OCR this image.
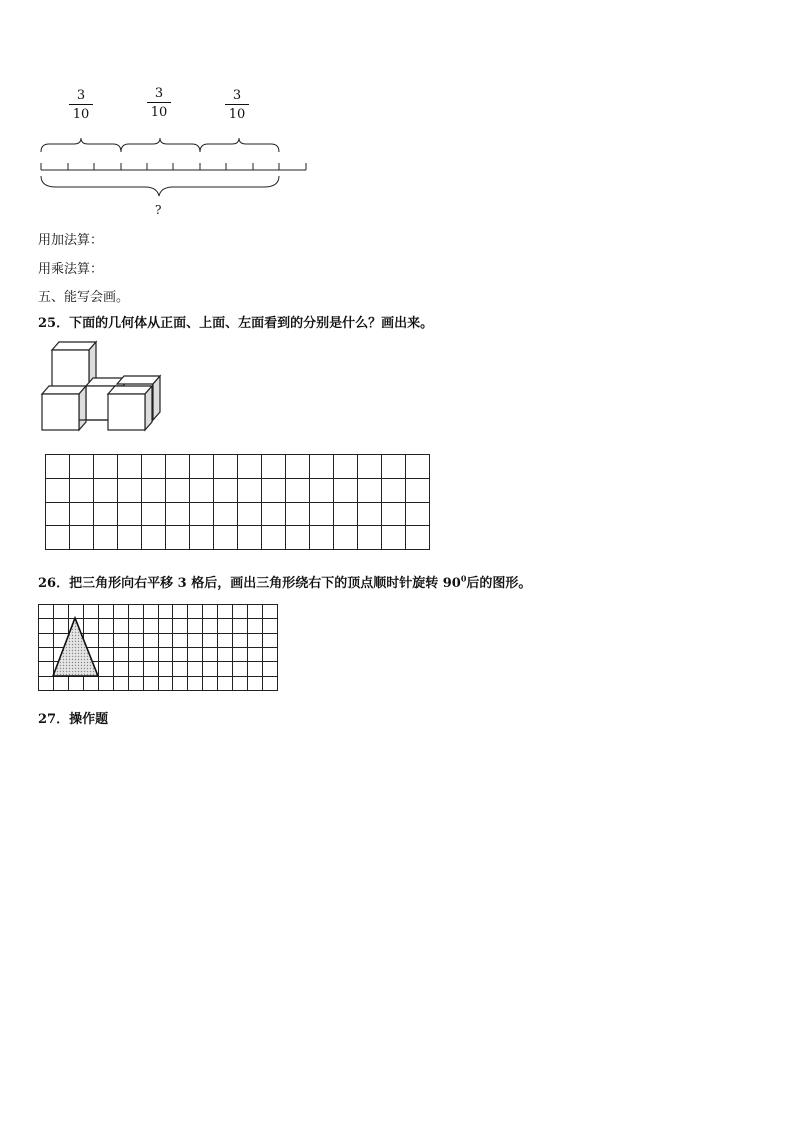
3
10
3
10
3
10
?
用加法算：
用乘法算：
五、能写会画。
25．下面的几何体从正面、上面、左面看到的分别是什么？画出来。

26．把三角形向右平移 3 格后，画出三角形绕右下的顶点顺时针旋转 $90^0$后的图形。

27．操作题
